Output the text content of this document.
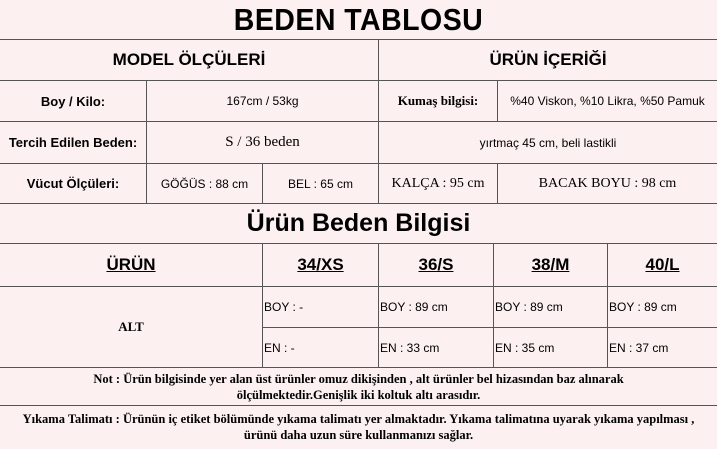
BEDEN TABLOSU
MODEL ÖLÇÜLERİ	ÜRÜN İÇERİĞİ
Boy / Kilo:	167cm / 53kg	Kumaş bilgisi:	%40 Viskon, %10 Likra, %50 Pamuk
Tercih Edilen Beden:	S / 36 beden	yırtmaç 45 cm, beli lastikli
Vücut Ölçüleri:	GÖĞÜS : 88 cm	BEL : 65 cm	KALÇA : 95 cm	BACAK BOYU : 98 cm
Ürün Beden Bilgisi
ÜRÜN	34/XS	36/S	38/M	40/L
ALT
BOY : -	BOY : 89 cm	BOY : 89 cm	BOY : 89 cm
EN : -	EN : 33 cm	EN : 35 cm	EN : 37 cm
Not : Ürün bilgisinde yer alan üst ürünler omuz dikişinden , alt ürünler bel hizasından baz alınarak ölçülmektedir.Genişlik iki koltuk altı arasıdır.
Yıkama Talimatı : Ürünün iç etiket bölümünde yıkama talimatı yer almaktadır. Yıkama talimatına uyarak yıkama yapılması , ürünü daha uzun süre kullanmanızı sağlar.
